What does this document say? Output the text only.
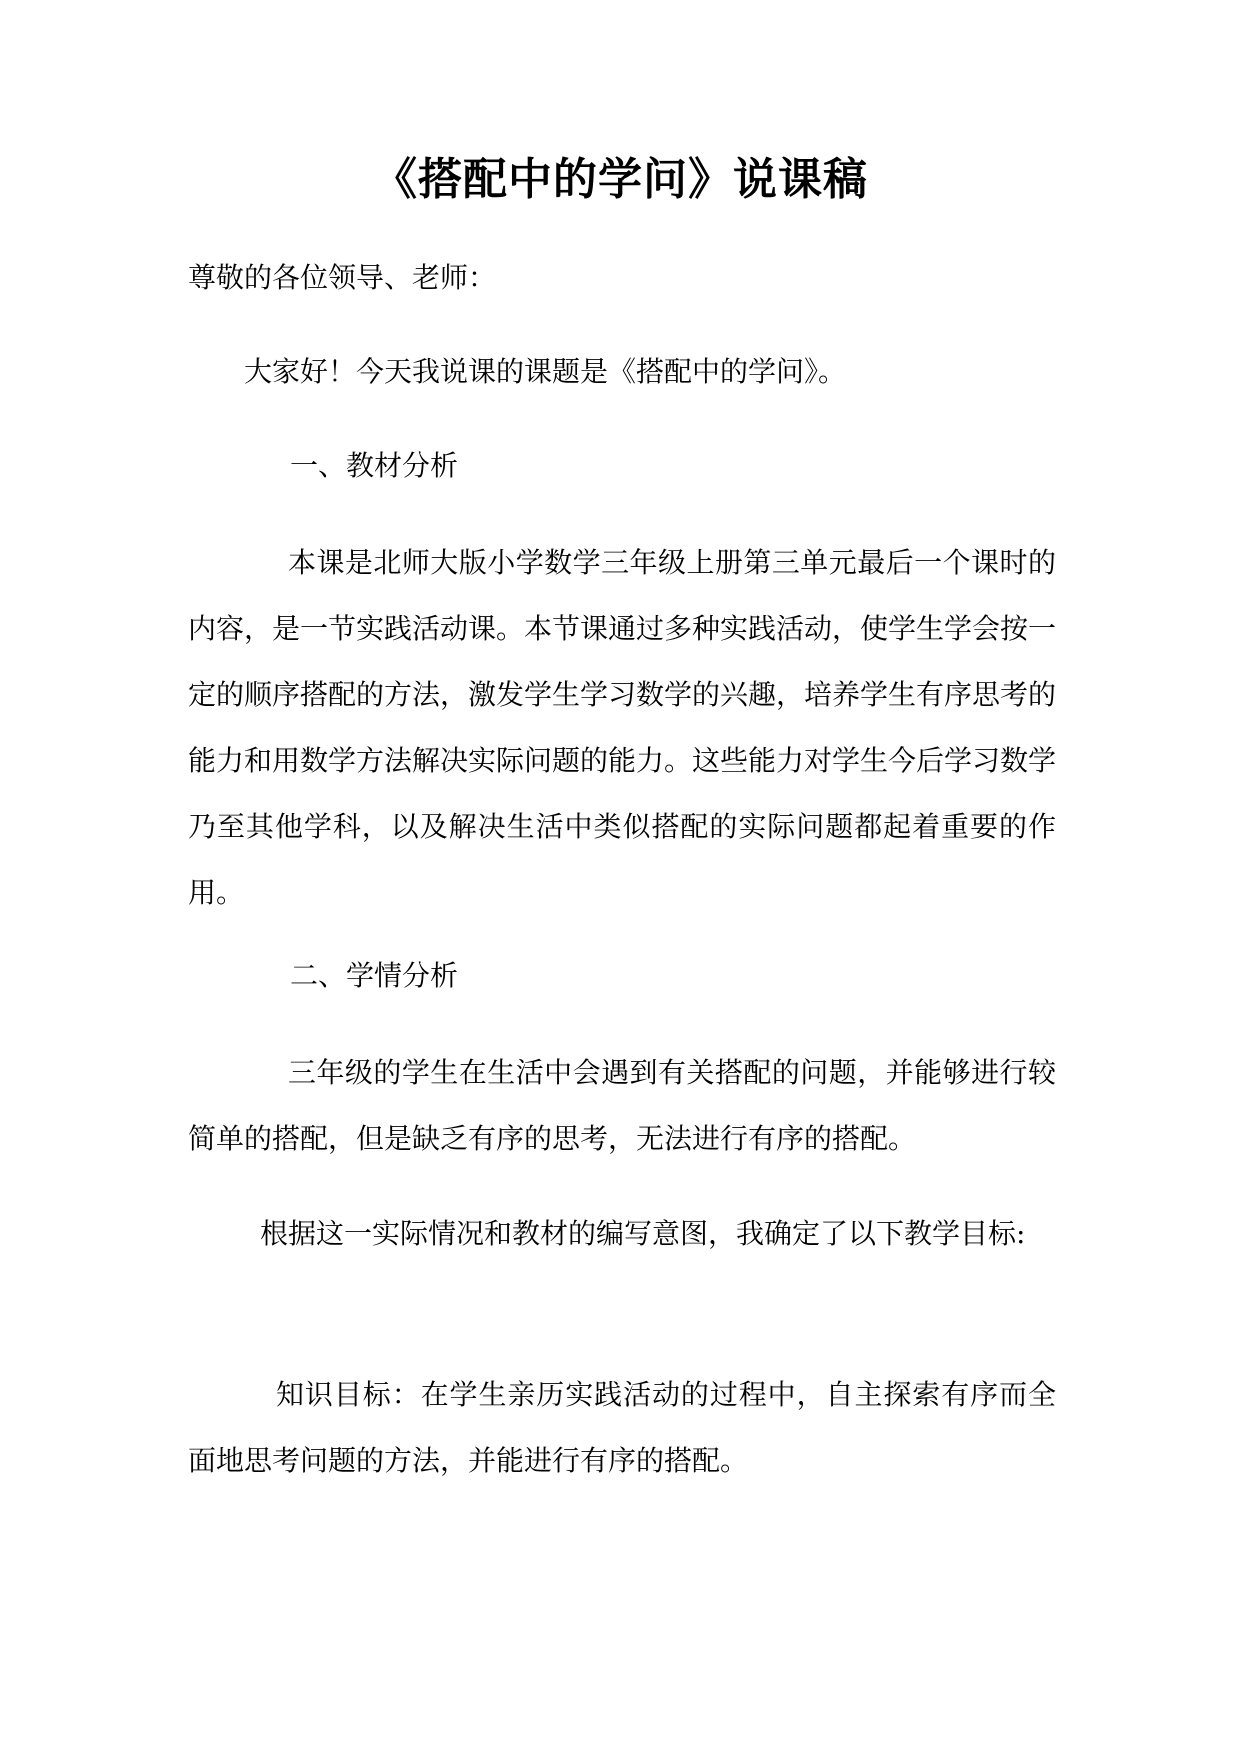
《搭配中的学问》说课稿
尊敬的各位领导、老师：
大家好！今天我说课的课题是《搭配中的学问》。
一、教材分析
本课是北师大版小学数学三年级上册第三单元最后一个课时的内容，是一节实践活动课。本节课通过多种实践活动，使学生学会按一定的顺序搭配的方法，激发学生学习数学的兴趣，培养学生有序思考的能力和用数学方法解决实际问题的能力。这些能力对学生今后学习数学乃至其他学科，以及解决生活中类似搭配的实际问题都起着重要的作用。
二、学情分析
三年级的学生在生活中会遇到有关搭配的问题，并能够进行较简单的搭配，但是缺乏有序的思考，无法进行有序的搭配。
根据这一实际情况和教材的编写意图，我确定了以下教学目标:
知识目标：在学生亲历实践活动的过程中，自主探索有序而全面地思考问题的方法，并能进行有序的搭配。
